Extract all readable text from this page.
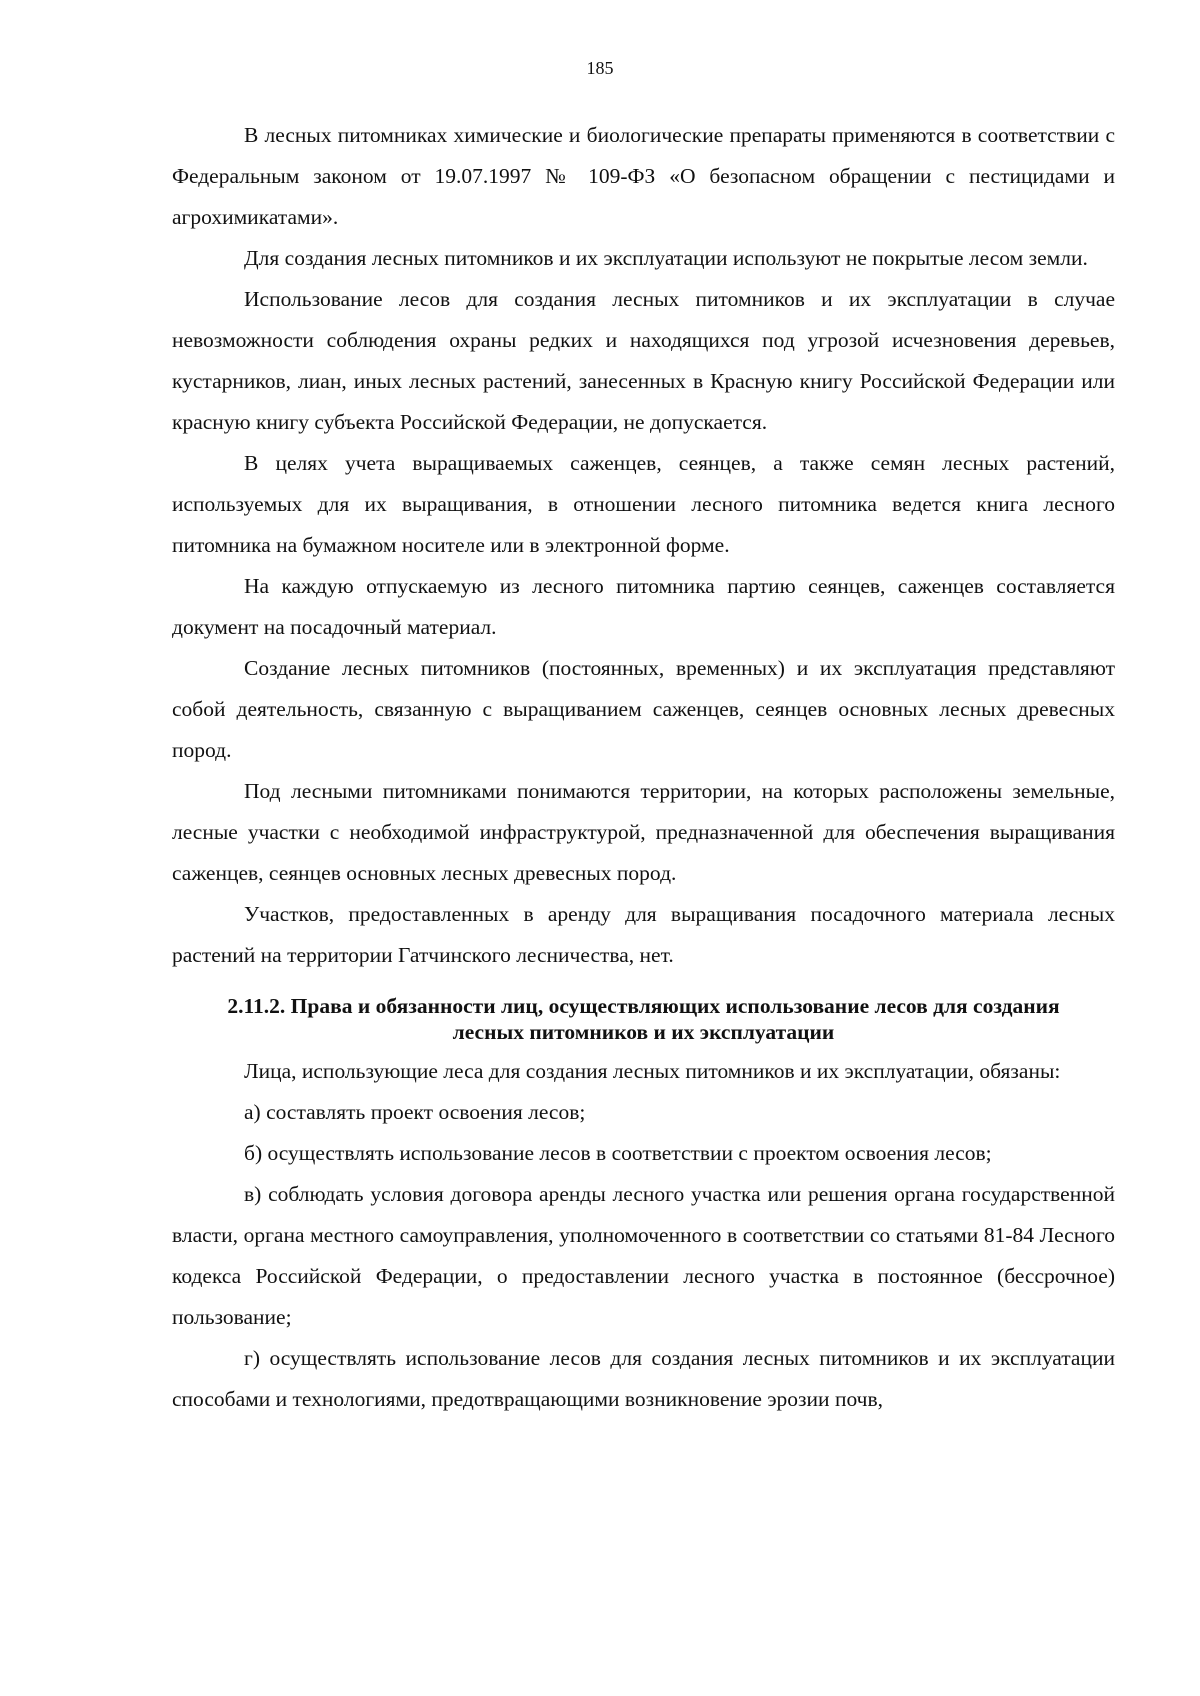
185

В лесных питомниках химические и биологические препараты применяются в соответствии с Федеральным законом от 19.07.1997 № 109-ФЗ «О безопасном обращении с пестицидами и агрохимикатами».

Для создания лесных питомников и их эксплуатации используют не покрытые лесом земли.

Использование лесов для создания лесных питомников и их эксплуатации в случае невозможности соблюдения охраны редких и находящихся под угрозой исчезновения деревьев, кустарников, лиан, иных лесных растений, занесенных в Красную книгу Российской Федерации или красную книгу субъекта Российской Федерации, не допускается.

В целях учета выращиваемых саженцев, сеянцев, а также семян лесных растений, используемых для их выращивания, в отношении лесного питомника ведется книга лесного питомника на бумажном носителе или в электронной форме.

На каждую отпускаемую из лесного питомника партию сеянцев, саженцев составляется документ на посадочный материал.

Создание лесных питомников (постоянных, временных) и их эксплуатация представляют собой деятельность, связанную с выращиванием саженцев, сеянцев основных лесных древесных пород.

Под лесными питомниками понимаются территории, на которых расположены земельные, лесные участки с необходимой инфраструктурой, предназначенной для обеспечения выращивания саженцев, сеянцев основных лесных древесных пород.

Участков, предоставленных в аренду для выращивания посадочного материала лесных растений на территории Гатчинского лесничества, нет.

2.11.2. Права и обязанности лиц, осуществляющих использование лесов для создания
лесных питомников и их эксплуатации

Лица, использующие леса для создания лесных питомников и их эксплуатации, обязаны:

а) составлять проект освоения лесов;

б) осуществлять использование лесов в соответствии с проектом освоения лесов;

в) соблюдать условия договора аренды лесного участка или решения органа государственной власти, органа местного самоуправления, уполномоченного в соответствии со статьями 81-84 Лесного кодекса Российской Федерации, о предоставлении лесного участка в постоянное (бессрочное) пользование;

г) осуществлять использование лесов для создания лесных питомников и их эксплуатации способами и технологиями, предотвращающими возникновение эрозии почв,
